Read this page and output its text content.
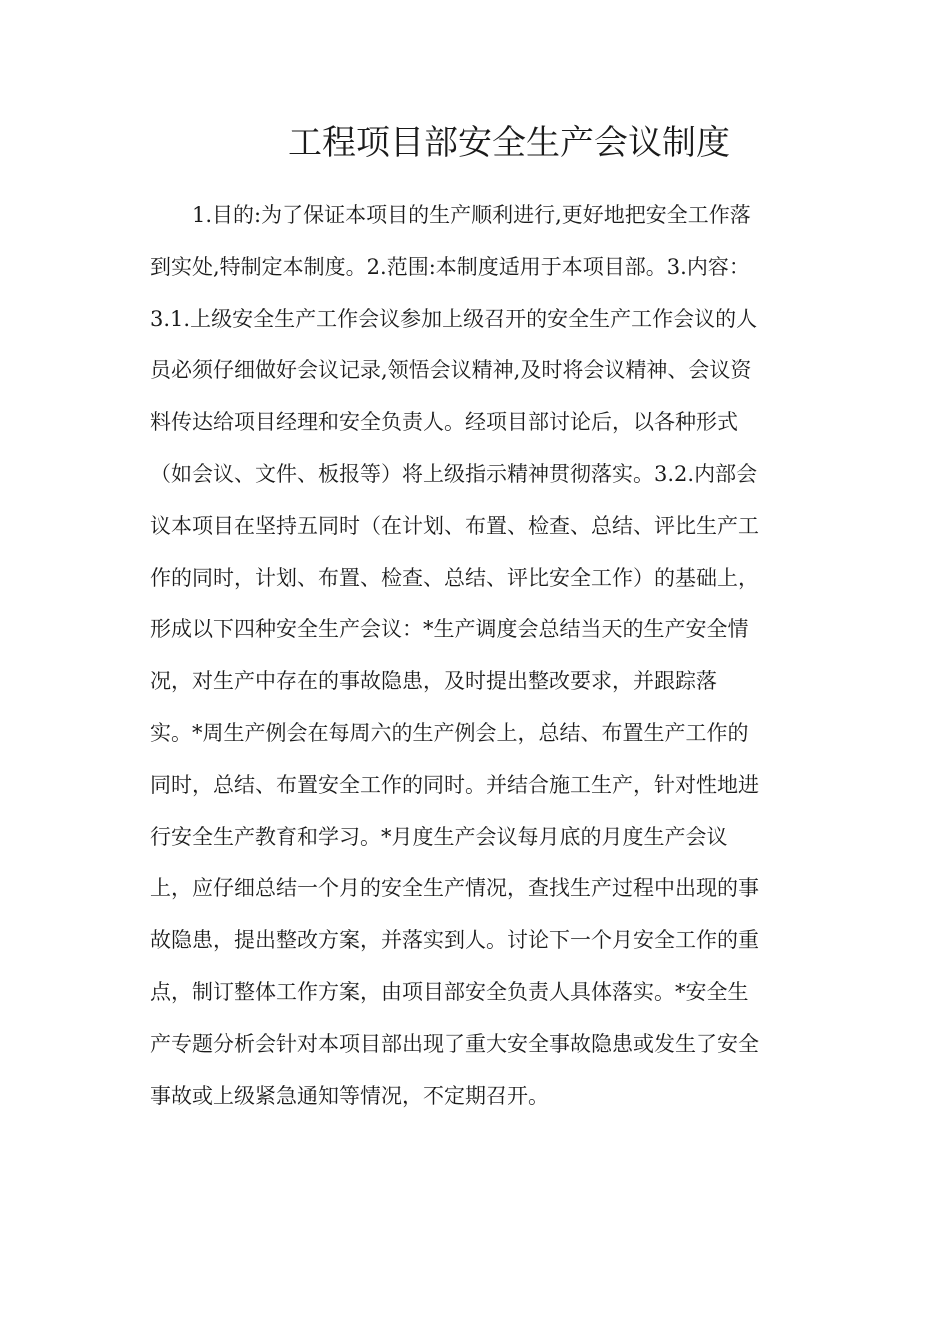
工程项目部安全生产会议制度
1.目的:为了保证本项目的生产顺利进行,更好地把安全工作落
到实处,特制定本制度。2.范围:本制度适用于本项目部。3.内容：
3.1.上级安全生产工作会议参加上级召开的安全生产工作会议的人
员必须仔细做好会议记录,领悟会议精神,及时将会议精神、会议资
料传达给项目经理和安全负责人。经项目部讨论后，以各种形式
（如会议、文件、板报等）将上级指示精神贯彻落实。3.2.内部会
议本项目在坚持五同时（在计划、布置、检查、总结、评比生产工
作的同时，计划、布置、检查、总结、评比安全工作）的基础上，
形成以下四种安全生产会议：*生产调度会总结当天的生产安全情
况，对生产中存在的事故隐患，及时提出整改要求，并跟踪落
实。*周生产例会在每周六的生产例会上，总结、布置生产工作的
同时，总结、布置安全工作的同时。并结合施工生产，针对性地进
行安全生产教育和学习。*月度生产会议每月底的月度生产会议
上，应仔细总结一个月的安全生产情况，查找生产过程中出现的事
故隐患，提出整改方案，并落实到人。讨论下一个月安全工作的重
点，制订整体工作方案，由项目部安全负责人具体落实。*安全生
产专题分析会针对本项目部出现了重大安全事故隐患或发生了安全
事故或上级紧急通知等情况，不定期召开。
